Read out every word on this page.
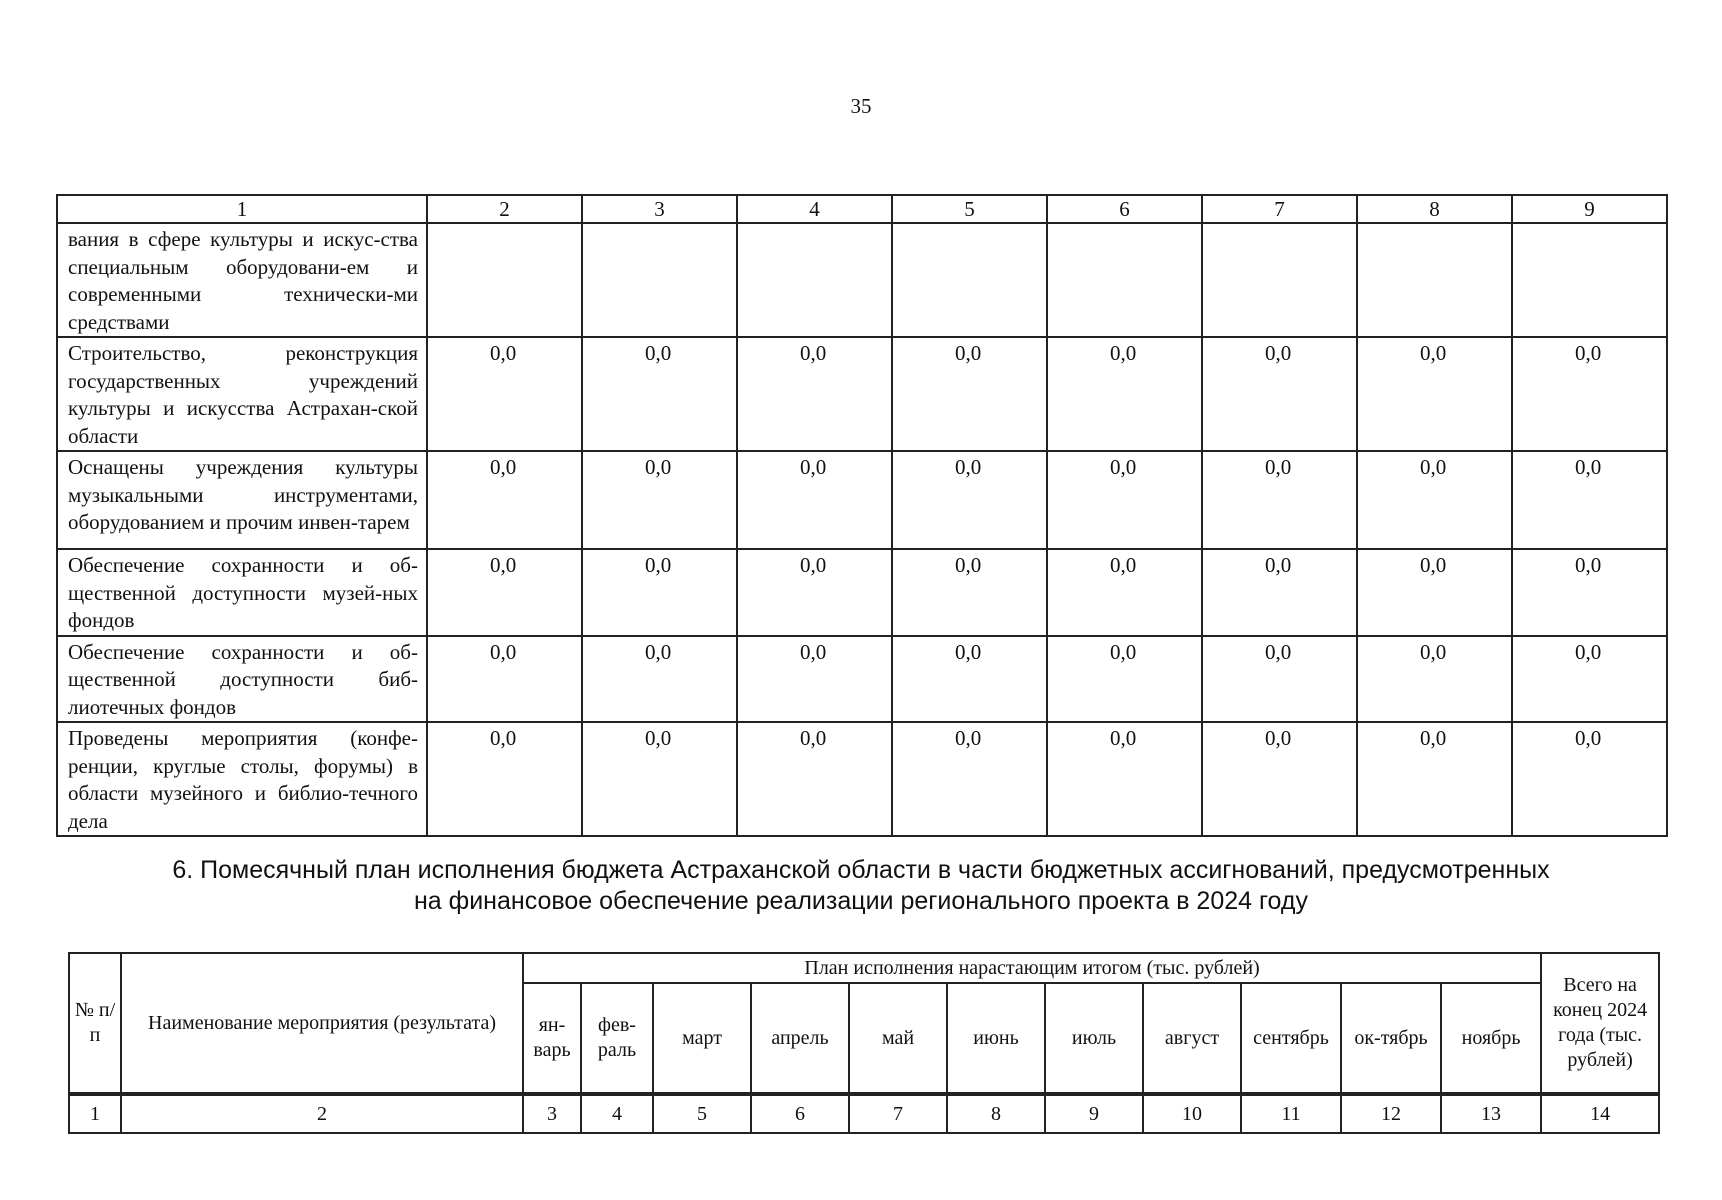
35
1	2	3	4	5	6	7	8	9
вания в сфере культуры и искус-ства специальным оборудовани-ем и современными технически-ми средствами								
Строительство, реконструкция государственных учреждений культуры и искусства Астрахан-ской области	0,0	0,0	0,0	0,0	0,0	0,0	0,0	0,0
Оснащены учреждения культуры музыкальными инструментами, оборудованием и прочим инвен-тарем	0,0	0,0	0,0	0,0	0,0	0,0	0,0	0,0
Обеспечение сохранности и об-щественной доступности музей-ных фондов	0,0	0,0	0,0	0,0	0,0	0,0	0,0	0,0
Обеспечение сохранности и об-щественной доступности биб-лиотечных фондов	0,0	0,0	0,0	0,0	0,0	0,0	0,0	0,0
Проведены мероприятия (конфе-ренции, круглые столы, форумы) в области музейного и библио-течного дела	0,0	0,0	0,0	0,0	0,0	0,0	0,0	0,0
6. Помесячный план исполнения бюджета Астраханской области в части бюджетных ассигнований, предусмотренных
на финансовое обеспечение реализации регионального проекта в 2024 году
№ п/п	Наименование мероприятия (результата)	План исполнения нарастающим итогом (тыс. рублей)											Всего на конец 2024 года (тыс. рублей)
		ян-варь	фев-раль	март	апрель	май	июнь	июль	август	сентябрь	ок-тябрь	ноябрь	
1	2	3	4	5	6	7	8	9	10	11	12	13	14
